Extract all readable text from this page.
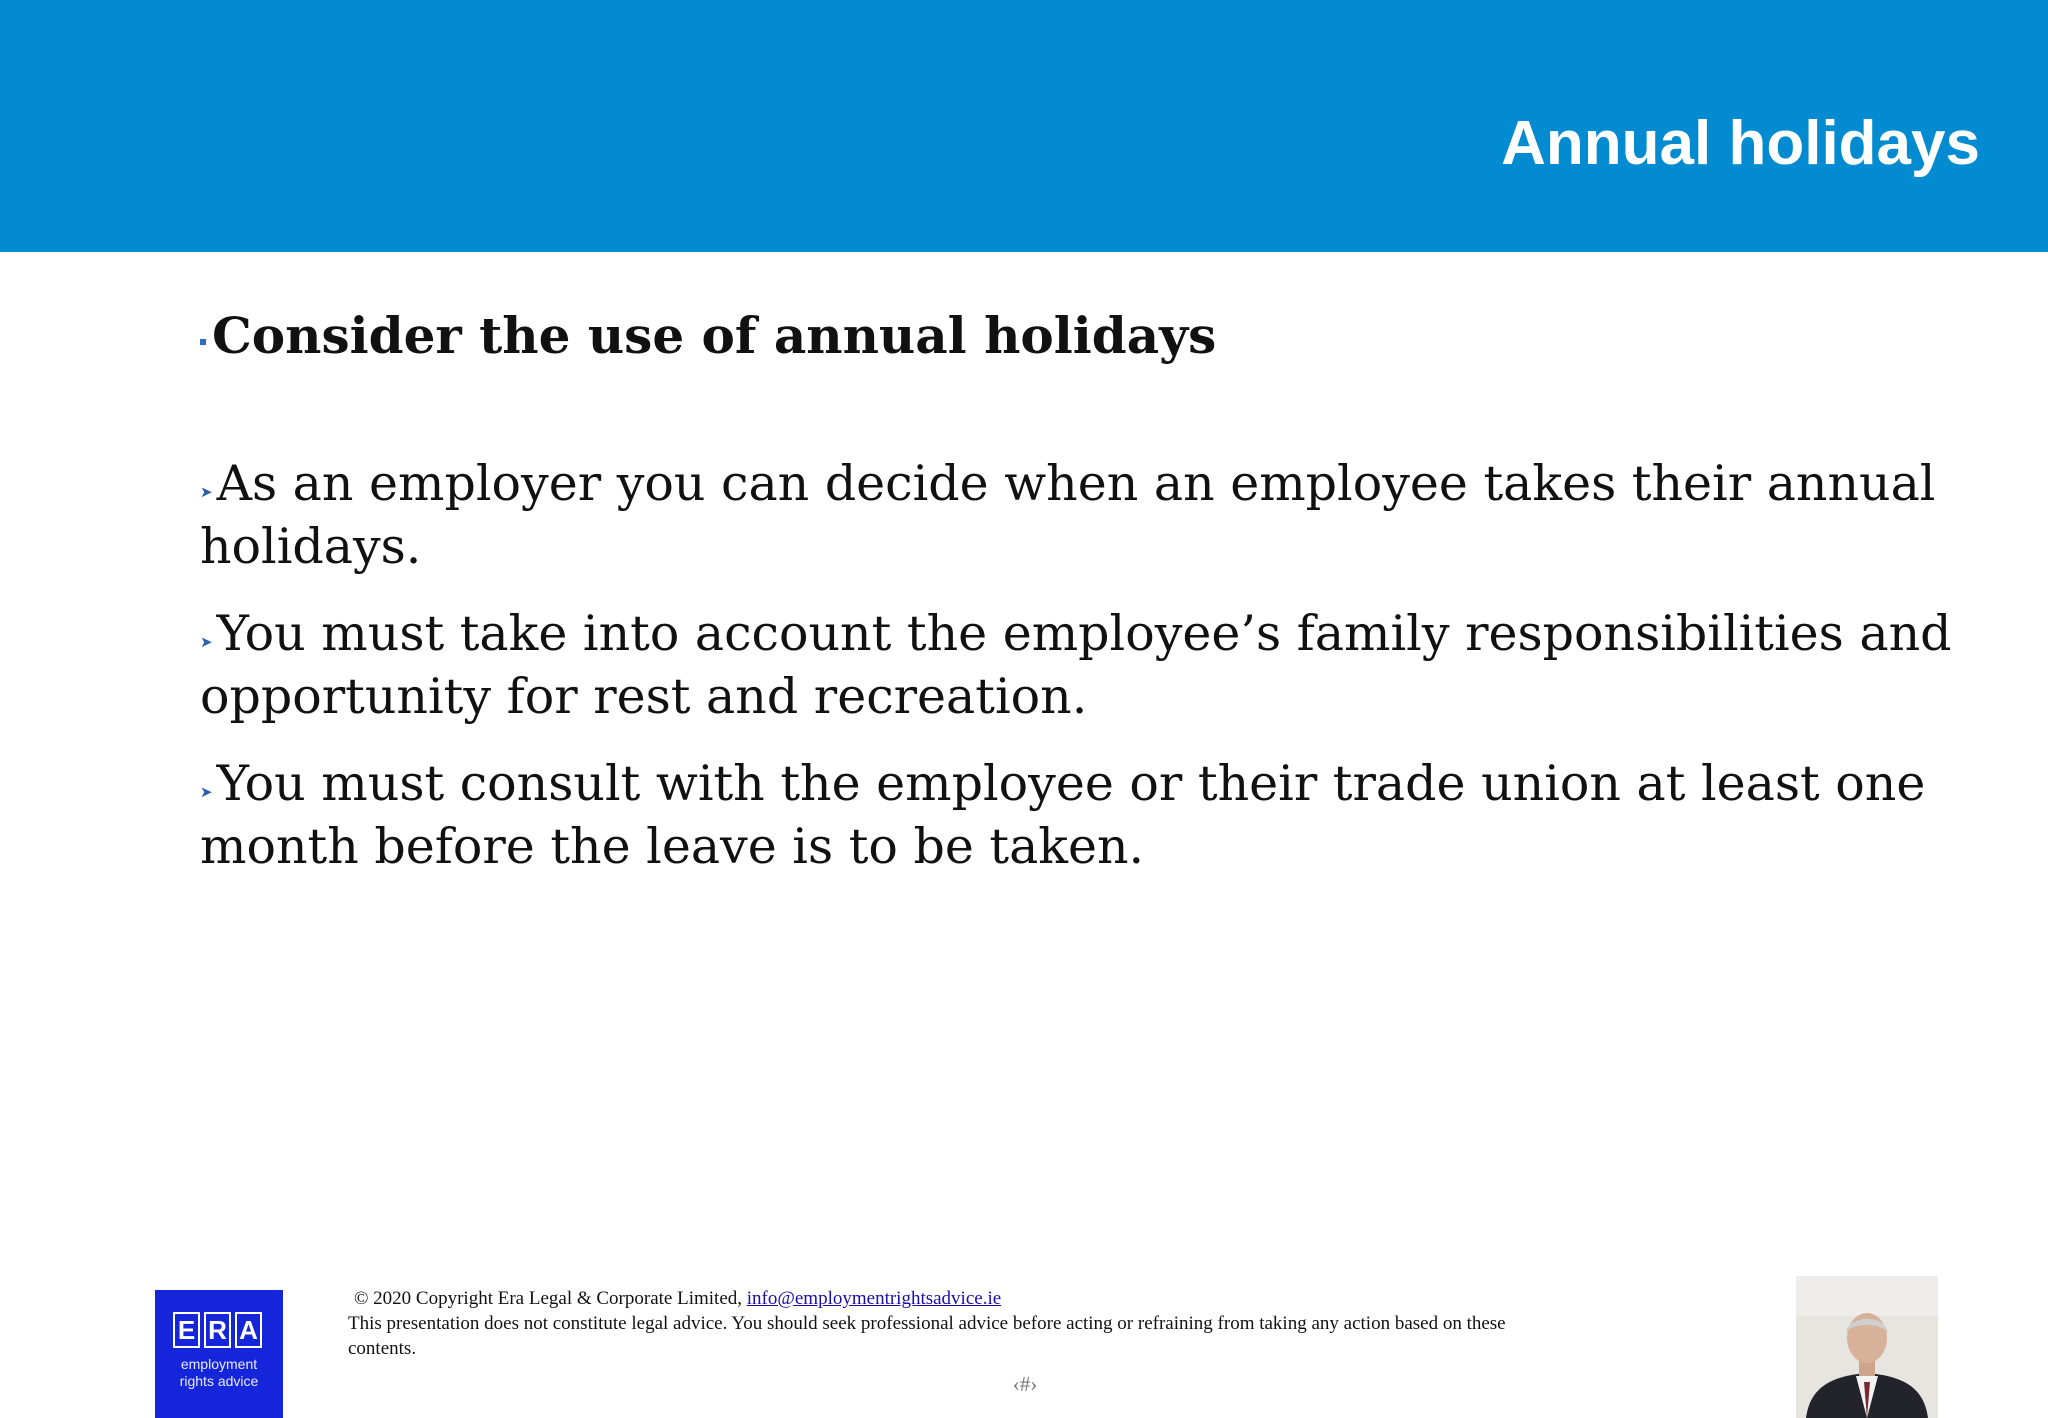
Annual holidays
Consider the use of annual holidays
➤As an employer you can decide when an employee takes their annual holidays.
➤You must take into account the employee’s family responsibilities and opportunity for rest and recreation.
➤You must consult with the employee or their trade union at least one month before the leave is to be taken.
E R A
employment
rights advice
© 2020 Copyright Era Legal & Corporate Limited, info@employmentrightsadvice.ie
This presentation does not constitute legal advice. You should seek professional advice before acting or refraining from taking any action based on these contents.
‹#›
